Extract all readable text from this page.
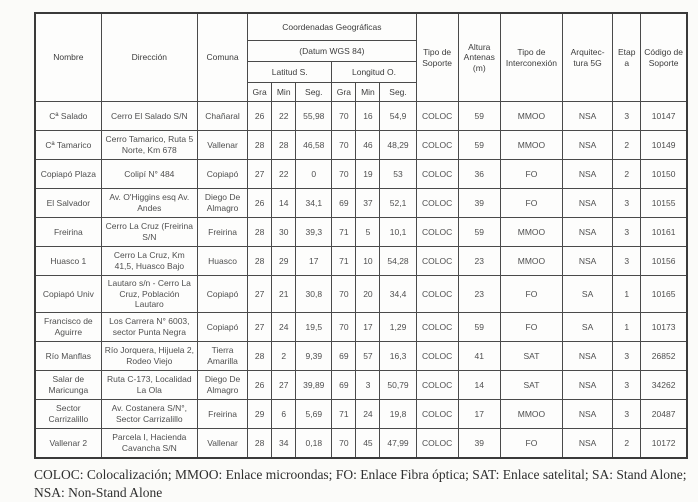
Nombre	Dirección	Comuna	Coordenadas Geográficas						Tipo de Soporte	Altura Antenas (m)	Tipo de Interconexión	Arquitec-tura 5G	Etapa	Código de Soporte
			(Datum WGS 84)											
			Latitud S.			Longitud O.								
			Gra	Min	Seg.	Gra	Min	Seg.						
Cª Salado	Cerro El Salado S/N	Chañaral	26	22	55,98	70	16	54,9	COLOC	59	MMOO	NSA	3	10147
Cª Tamarico	Cerro Tamarico, Ruta 5 Norte, Km 678	Vallenar	28	28	46,58	70	46	48,29	COLOC	59	MMOO	NSA	2	10149
Copiapó Plaza	Colipí N° 484	Copiapó	27	22	0	70	19	53	COLOC	36	FO	NSA	2	10150
El Salvador	Av. O'Higgins esq Av. Andes	Diego De Almagro	26	14	34,1	69	37	52,1	COLOC	39	FO	NSA	3	10155
Freirina	Cerro La Cruz (Freirina S/N	Freirina	28	30	39,3	71	5	10,1	COLOC	59	MMOO	NSA	3	10161
Huasco 1	Cerro La Cruz, Km 41,5, Huasco Bajo	Huasco	28	29	17	71	10	54,28	COLOC	23	MMOO	NSA	3	10156
Copiapó Univ	Lautaro s/n - Cerro La Cruz, Población Lautaro	Copiapó	27	21	30,8	70	20	34,4	COLOC	23	FO	SA	1	10165
Francisco de Aguirre	Los Carrera N° 6003, sector Punta Negra	Copiapó	27	24	19,5	70	17	1,29	COLOC	59	FO	SA	1	10173
Río Manflas	Río Jorquera, Hijuela 2, Rodeo Viejo	Tierra Amarilla	28	2	9,39	69	57	16,3	COLOC	41	SAT	NSA	3	26852
Salar de Maricunga	Ruta C-173, Localidad La Ola	Diego De Almagro	26	27	39,89	69	3	50,79	COLOC	14	SAT	NSA	3	34262
Sector Carrizalillo	Av. Costanera S/N°, Sector Carrizalillo	Freirina	29	6	5,69	71	24	19,8	COLOC	17	MMOO	NSA	3	20487
Vallenar 2	Parcela I, Hacienda Cavancha S/N	Vallenar	28	34	0,18	70	45	47,99	COLOC	39	FO	NSA	2	10172

COLOC: Colocalización; MMOO: Enlace microondas; FO: Enlace Fibra óptica; SAT: Enlace satelital; SA: Stand Alone; NSA: Non-Stand Alone
